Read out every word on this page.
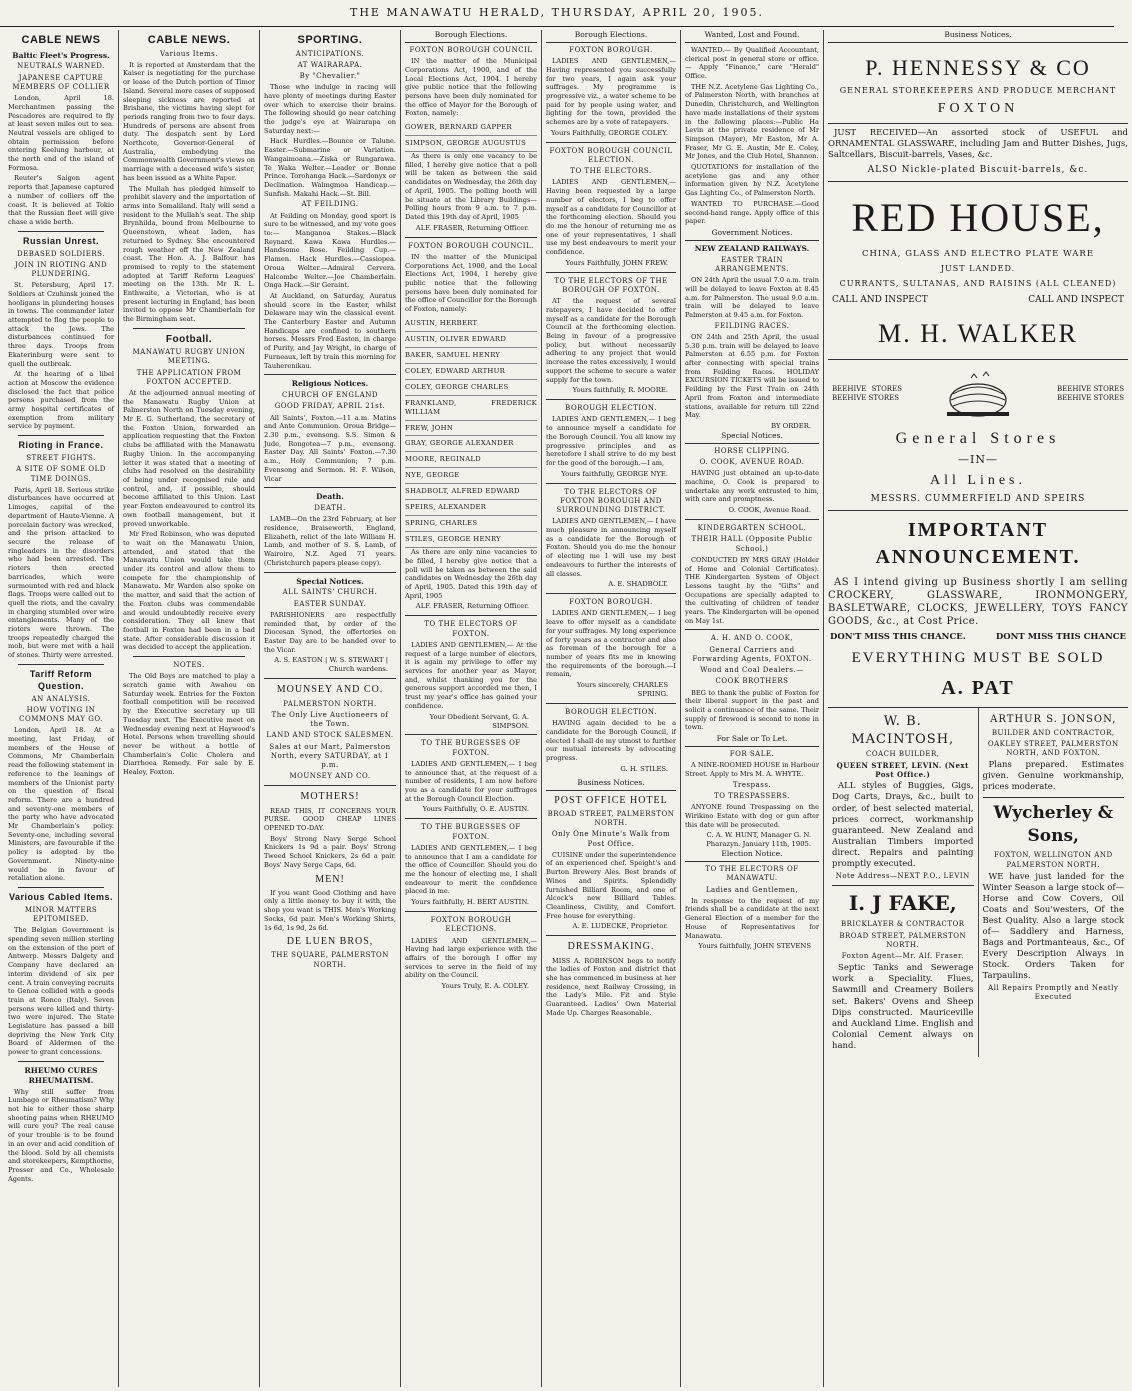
THE MANAWATU HERALD, THURSDAY, APRIL 20, 1905.
CABLE NEWS
Baltic Fleet's Progress.
NEUTRALS WARNED.
JAPANESE CAPTURE MEMBERS OF COLLIER

London, April 18. Merchantmen passing the Pescadores are required to fly at least seven miles out to sea. Neutral vessels are obliged to obtain permission before entering Keelung harbour, at the north end of the island of Formosa.

Reuter's Saigon agent reports that Japanese captured a number of colliers off the coast. It is believed at Tokio that the Russian fleet will give chase a wide berth.

Russian Unrest.
DEBASED SOLDIERS.
JOIN IN RIOTING AND PLUNDERING.

St. Petersburg, April 17. Soldiers at Czuhinsk joined the hooligans in plundering houses in towns. The commander later attempted to flog the people to attack the Jews. The disturbances continued for three days. Troops from Ekaterinburg were sent to quell the outbreak.

At the hearing of a libel action at Moscow the evidence disclosed the fact that police persons purchased from the army hospital certificates of exemption from military service by payment.

Rioting in France.
STREET FIGHTS.
A SITE OF SOME OLD TIME DOINGS.

Paris, April 18. Serious strike disturbances have occurred at Limoges, capital of the department of Haute-Vienne. A porcelain factory was wrecked, and the prison attacked to secure the release of ringleaders in the disorders who had been arrested. The rioters then erected barricades, which were surmounted with red and black flags. Troops were called out to quell the riots, and the cavalry in charging stumbled over wire entanglements. Many of the rioters were thrown. The troops repeatedly charged the mob, but were met with a hail of stones. Thirty were arrested.

Tariff Reform Question.
AN ANALYSIS.
HOW VOTING IN COMMONS MAY GO.

London, April 18. At a meeting, last Friday, of members of the House of Commons, Mr Chamberlain read the following statement in reference to the leanings of members of the Unionist party on the question of fiscal reform. There are a hundred and seventy-one members of the party who have advocated Mr Chamberlain's policy. Seventy-one, including several Ministers, are favourable if the policy is adopted by the Government. Ninety-nine would be in favour of retaliation alone.

Various Cabled Items.
MINOR MATTERS EPITOMISED.

The Belgian Government is spending seven million sterling on the extension of the port of Antwerp. Messrs Dalgety and Company have declared an interim dividend of six per cent. A train conveying recruits to Genoa collided with a goods train at Ronco (Italy). Seven persons were killed and thirty-two were injured. The State Legislature has passed a bill depriving the New York City Board of Aldermen of the power to grant concessions.

RHEUMO CURES RHEUMATISM.

Why still suffer from Lumbago or Rheumatism? Why not hie to either those sharp shooting pains when RHEUMO will cure you? The real cause of your trouble is to be found in an over and acid condition of the blood. Sold by all chemists and storekeepers, Kempthorne, Prosser and Co., Wholesale Agents.

CABLE NEWS.
Various Items.

It is reported at Amsterdam that the Kaiser is negotiating for the purchase or lease of the Dutch portion of Timor Island. Several more cases of supposed sleeping sickness are reported at Brisbane, the victims having slept for periods ranging from two to four days. Hundreds of persons are absent from duty. The despatch sent by Lord Northcote, Governor-General of Australia, embodying the Commonwealth Government's views on marriage with a deceased wife's sister, has been issued as a White Paper.

The Mullah has pledged himself to prohibit slavery and the importation of arms into Somaliland. Italy will send a resident to the Mullah's seat. The ship Brynhilda, bound from Melbourne to Queenstown, wheat laden, has returned to Sydney. She encountered rough weather off the New Zealand coast. The Hon. A. J. Balfour has promised to reply to the statement adopted at Tariff Reform Leagues' meeting on the 13th. Mr R. L. Enthwaite, a Victorian, who is at present lecturing in England, has been invited to oppose Mr Chamberlain for the Birmingham seat.

Football.
MANAWATU RUGBY UNION MEETING.
THE APPLICATION FROM FOXTON ACCEPTED.

At the adjourned annual meeting of the Manawatu Rugby Union at Palmerston North on Tuesday evening, Mr E. G. Sutherland, the secretary of the Foxton Union, forwarded an application requesting that the Foxton clubs be affiliated with the Manawatu Rugby Union. In the accompanying letter it was stated that a meeting of clubs had resolved on the desirability of being under recognised rule and control, and, if possible, should become affiliated to this Union. Last year Foxton endeavoured to control its own football management, but it proved unworkable.

Mr Fred Robinson, who was deputed to wait on the Manawatu Union, attended, and stated that the Manawatu Union would take them under its control and allow them to compete for the championship of Manawatu. Mr Warden also spoke on the matter, and said that the action of the Foxton clubs was commendable and would undoubtedly receive every consideration. They all knew that football in Foxton had been in a bad state. After considerable discussion it was decided to accept the application.

NOTES.

The Old Boys are matched to play a scratch game with Awahou on Saturday week. Entries for the Foxton football competition will be received by the Executive secretary up till Tuesday next. The Executive meet on Wednesday evening next at Haywood's Hotel. Persons when travelling should never be without a bottle of Chamberlain's Colic Cholera and Diarrhoea Remedy. For sale by E. Healey, Foxton.

SPORTING.
ANTICIPATIONS.
AT WAIRARAPA.
By "Chevalier."

Those who indulge in racing will have plenty of meetings during Easter over which to exercise their brains. The following should go near catching the judge's eye at Wairarapa on Saturday next:—

Hack Hurdles.—Bounce or Talune. Easter.—Submarine or Variation. Wangaimoana.—Ziska or Rungarawa. Te Waka Welter.—Leader or Bonne Prince. Torohanga Hack.—Sardonyx or Declination. Walmgmoa Handicap.—Sunfish. Makahi Hack.—St. Bill.

AT FEILDING.

At Feilding on Monday, good sport is sure to be witnessed, and my vote goes to:— Manganoa Stakes.—Black Reynard. Kawa Kawa Hurdles.—Handsome Rose. Feilding Cup.—Flamen. Hack Hurdles.—Cassiopea. Oroua Welter.—Admiral Cervera. Halcombe Welter.—Joe Chamberlain. Onga Hack.—Sir Geraint.

At Auckland, on Saturday, Auratus should score in the Easter, whilst Delaware may win the classical event. The Canterbury Easter and Autumn Handicaps are confined to southern horses. Messrs Fred Easton, in charge of Purity, and Jay Wright, in charge of Furneaux, left by train this morning for Tauherenikau.

Religious Notices.
CHURCH OF ENGLAND
GOOD FRIDAY, APRIL 21st.

All Saints', Foxton.—11 a.m. Matins and Ante Communion. Oroua Bridge—2.30 p.m., evensong. S.S. Simon & Jude, Rongotea—7 p.m., evensong. Easter Day. All Saints' Foxton.—7.30 a.m., Holy Communion; 7 p.m. Evensong and Sermon. H. F. Wilson, Vicar

Death.
DEATH.

LAMB—On the 23rd February, at her residence, Braiseworth, England, Elizabeth, relict of the late William H. Lamb, and mother of S. S. Lamb, of Wairoiro, N.Z. Aged 71 years. (Christchurch papers please copy).

Special Notices.
ALL SAINTS' CHURCH.
EASTER SUNDAY.

PARISHIONERS are respectfully reminded that, by order of the Diocesan Synod, the offertories on Easter Day are to be handed over to the Vicar.

A. S. EASTON | W. S. STEWART | Church wardens.
MOUNSEY AND CO.
PALMERSTON NORTH.
The Only Live Auctioneers of the Town.
LAND AND STOCK SALESMEN.
Sales at our Mart, Palmerston North, every SATURDAY, at 1 p.m.
MOUNSEY AND CO.
MOTHERS!

READ THIS, IT CONCERNS YOUR PURSE. GOOD CHEAP LINES OPENED TO-DAY.

Boys' Strong Navy Serge School Knickers 1s 9d a pair. Boys' Strong Tweed School Knickers, 2s 6d a pair. Boys' Navy Serge Caps, 6d.

MEN!

If you want Good Clothing and have only a little money to buy it with, the shop you want is THIS. Men's Working Socks, 6d pair. Men's Working Shirts, 1s 6d, 1s 9d, 2s 6d.

DE LUEN BROS,
THE SQUARE, PALMERSTON NORTH.
Borough Elections.
FOXTON BOROUGH COUNCIL

IN the matter of the Municipal Corporations Act, 1900, and of the Local Elections Act, 1904. I hereby give public notice that the following persons have been duly nominated for the office of Mayor for the Borough of Foxton, namely:

GOWER, BERNARD GAPPER
SIMPSON, GEORGE AUGUSTUS

As there is only one vacancy to be filled, I hereby give notice that a poll will be taken as between the said candidates on Wednesday, the 26th day of April, 1905. The polling booth will be situate at the Library Buildings—Polling hours from 9 a.m. to 7 p.m. Dated this 19th day of April, 1905

ALF. FRASER, Returning Officer.
FOXTON BOROUGH COUNCIL.

IN the matter of the Municipal Corporations Act, 1900, and the Local Elections Act, 1904, I hereby give public notice that the following persons have been duly nominated for the office of Councillor for the Borough of Foxton, namely:

AUSTIN, HERBERT
AUSTIN, OLIVER EDWARD
BAKER, SAMUEL HENRY
COLEY, EDWARD ARTHUR
COLEY, GEORGE CHARLES
FRANKLAND, FREDERICK WILLIAM
FREW, JOHN
GRAY, GEORGE ALEXANDER
MOORE, REGINALD
NYE, GEORGE
SHADBOLT, ALFRED EDWARD
SPEIRS, ALEXANDER
SPRING, CHARLES
STILES, GEORGE HENRY

As there are only nine vacancies to be filled, I hereby give notice that a poll will be taken as between the said candidates on Wednesday the 26th day of April, 1905. Dated this 19th day of April, 1905

ALF. FRASER, Returning Officer.
TO THE ELECTORS OF FOXTON.

LADIES AND GENTLEMEN,— At the request of a large number of electors, it is again my privilege to offer my services for another year as Mayor, and, whilst thanking you for the generous support accorded me then, I trust my year's office has gained your confidence.

Your Obedient Servant, G. A. SIMPSON.
TO THE BURGESSES OF FOXTON.

LADIES AND GENTLEMEN,— I beg to announce that, at the request of a number of residents, I am now before you as a candidate for your suffrages at the Borough Council Election.

Yours Faithfully, O. E. AUSTIN.
TO THE BURGESSES OF FOXTON.

LADIES AND GENTLEMEN,— I beg to announce that I am a candidate for the office of Councillor. Should you do me the honour of electing me, I shall endeavour to merit the confidence placed in me.

Yours faithfully, H. BERT AUSTIN.
FOXTON BOROUGH ELECTIONS.

LADIES AND GENTLEMEN,— Having had large experience with the affairs of the borough I offer my services to serve in the field of my ability on the Council.

Yours Truly, E. A. COLEY.
Borough Elections.
FOXTON BOROUGH.

LADIES AND GENTLEMEN,— Having represented you successfully for two years, I again ask your suffrages. My programme is progressive viz., a water scheme to be paid for by people using water, and lighting for the town, provided the schemes are by a vote of ratepayers.

Yours Faithfully, GEORGE COLEY.
FOXTON BOROUGH COUNCIL ELECTION.
TO THE ELECTORS.

LADIES AND GENTLEMEN,— Having been requested by a large number of electors, I beg to offer myself as a candidate for Councillor at the forthcoming election. Should you do me the honour of returning me as one of your representatives, I shall use my best endeavours to merit your confidence.

Yours Faithfully, JOHN FREW.
TO THE ELECTORS OF THE BOROUGH OF FOXTON.

AT the request of several ratepayers, I have decided to offer myself as a candidate for the Borough Council at the forthcoming election. Being in favour of a progressive policy, but without necessarily adhering to any project that would increase the rates excessively, I would support the scheme to secure a water supply for the town.

Yours faithfully, R. MOORE.
BOROUGH ELECTION.

LADIES AND GENTLEMEN,— I beg to announce myself a candidate for the Borough Council. You all know my progressive principles and as heretofore I shall strive to do my best for the good of the borough.—I am,

Yours faithfully, GEORGE NYE.
TO THE ELECTORS OF FOXTON BOROUGH AND SURROUNDING DISTRICT.

LADIES AND GENTLEMEN,— I have much pleasure in announcing myself as a candidate for the Borough of Foxton. Should you do me the honour of electing me I will use my best endeavours to further the interests of all classes.

A. E. SHADBOLT.
FOXTON BOROUGH.

LADIES AND GENTLEMEN,— I beg leave to offer myself as a candidate for your suffrages. My long experience of forty years as a contractor and also as foreman of the borough for a number of years fits me in knowing the requirements of the borough.—I remain,

Yours sincerely, CHARLES SPRING.
BOROUGH ELECTION.

HAVING again decided to be a candidate for the Borough Council, if elected I shall do my utmost to further our mutual interests by advocating progress.

G. H. STILES.
Business Notices.
POST OFFICE HOTEL
BROAD STREET, PALMERSTON NORTH.
Only One Minute's Walk from Post Office.

CUISINE under the superintendence of an experienced chef. Speight's and Burton Brewery Ales. Best brands of Wines and Spirits. Splendidly furnished Billiard Room, and one of Alcock's new Billiard Tables. Cleanliness, Civility, and Comfort. Free house for everything.

A. E. LUDECKE, Proprietor.
DRESSMAKING.

MISS A. ROBINSON begs to notify the ladies of Foxton and district that she has commenced in business at her residence, next Railway Crossing, in the Lady's Mile. Fit and Style Guaranteed. Ladies' Own Material Made Up. Charges Reasonable.

Wanted, Lost and Found.

WANTED.— By Qualified Accountant, clerical post in general store or office.— Apply "Finance," care "Herald" Office.

THE N.Z. Acetylene Gas Lighting Co., of Palmerston North, with branches at Dunedin, Christchurch, and Wellington have made installations of their system in the following places:—Public Ha Levin at the private residence of Mr Simpson (Mayor), Mr Easton, Mr A. Fraser, Mr G. E. Austin, Mr E. Coley, Mr Jones, and the Club Hotel, Shannon.

QUOTATIONS for installation of the acetylene gas and any other information given by N.Z. Acetylene Gas Lighting Co., of Palmerston North.

WANTED TO PURCHASE.—Good second-hand range. Apply office of this paper.

Government Notices.
NEW ZEALAND RAILWAYS.
EASTER TRAIN ARRANGEMENTS.

ON 24th April the usual 7.0 a.m. train will be delayed to leave Foxton at 8.45 a.m. for Palmerston. The usual 9.0 a.m. train will be delayed to leave Palmerston at 9.45 a.m. for Foxton.

FEILDING RACES.

ON 24th and 25th April, the usual 5.30 p.m. train will be delayed to leave Palmerston at 6.55 p.m. for Foxton after connecting with special trains from Feilding Races. HOLIDAY EXCURSION TICKETS will be issued to Feilding by the First Train on 24th April from Foxton and intermediate stations, available for return till 22nd May.

BY ORDER.
Special Notices.
HORSE CLIPPING.
O. COOK, AVENUE ROAD.

HAVING just obtained an up-to-date machine, O. Cook is prepared to undertake any work entrusted to him, with care and promptness.

O. COOK, Avenue Road.
KINDERGARTEN SCHOOL.
THEIR HALL (Opposite Public School.)

CONDUCTED BY MRS GRAY (Holder of Home and Colonial Certificates). THE Kindergarten System of Object Lessons taught by the "Gifts" and Occupations are specially adapted to the cultivating of children of tender years. The Kindergarten will be opened on May 1st.

A. H. AND O. COOK,
General Carriers and Forwarding Agents, FOXTON.
Wood and Coal Dealers.—
COOK BROTHERS

BEG to thank the public of Foxton for their liberal support in the past and solicit a continuance of the same. Their supply of firewood is second to none in town.

For Sale or To Let.
FOR SALE.

A NINE-ROOMED HOUSE in Harbour Street. Apply to Mrs M. A. WHYTE.

Trespass.
TO TRESPASSERS.

ANYONE found Trespassing on the Wirikino Estate with dog or gun after this date will be prosecuted.

C. A. W. HUNT, Manager G. N. Pharazyn. January 11th, 1905.
Election Notice.
TO THE ELECTORS OF MANAWATU.
Ladies and Gentlemen,

In response to the request of my friends shall be a candidate at the next General Election of a member for the House of Representatives for Manawatu.

Yours faithfully, JOHN STEVENS
Business Notices.
P. HENNESSY & CO
GENERAL STOREKEEPERS AND PRODUCE MERCHANT
FOXTON

JUST RECEIVED—An assorted stock of USEFUL and ORNAMENTAL GLASSWARE, including Jam and Butter Dishes, Jugs, Saltcellars, Biscuit-barrels, Vases, &c.

ALSO Nickle-plated Biscuit-barrels, &c.
RED HOUSE,
CHINA, GLASS AND ELECTRO PLATE WARE
JUST LANDED.
CURRANTS, SULTANAS, AND RAISINS (ALL CLEANED)
CALL AND INSPECT	CALL AND INSPECT
M. H. WALKER
BEEHIVE STORES BEEHIVE STORES
BEEHIVE STORES BEEHIVE STORES
General Stores
—IN—
All Lines.
MESSRS. CUMMERFIELD AND SPEIRS
IMPORTANT ANNOUNCEMENT.

AS I intend giving up Business shortly I am selling CROCKERY, GLASSWARE, IRONMONGERY, BASLETWARE, CLOCKS, JEWELLERY, TOYS FANCY GOODS, &c., at Cost Price.

DON'T MISS THIS CHANCE.	DONT MISS THIS CHANCE
EVERYTHING MUST BE SOLD
A. PAT
W. B. MACINTOSH,
COACH BUILDER,
QUEEN STREET, LEVIN. (Next Post Office.)

ALL styles of Buggies, Gigs, Dog Carts, Drays, &c., built to order, of best selected material, prices correct, workmanship guaranteed. New Zealand and Australian Timbers imported direct. Repairs and painting promptly executed.

Note Address—NEXT P.O., LEVIN
I. J FAKE,
BRICKLAYER & CONTRACTOR
BROAD STREET, PALMERSTON NORTH.
Foxton Agent—Mr. Alf. Fraser.

Septic Tanks and Sewerage work a Speciality. Flues, Sawmill and Creamery Boilers set. Bakers' Ovens and Sheep Dips constructed. Mauriceville and Auckland Lime. English and Colonial Cement always on hand.

ARTHUR S. JONSON,
BUILDER AND CONTRACTOR,
OAKLEY STREET, PALMERSTON NORTH, AND FOXTON.

Plans prepared. Estimates given. Genuine workmanship, prices moderate.

Wycherley & Sons,
FOXTON, WELLINGTON AND PALMERSTON NORTH.

WE have just landed for the Winter Season a large stock of— Horse and Cow Covers, Oil Coats and Sou'westers, Of the Best Quality. Also a large stock of— Saddlery and Harness, Bags and Portmanteaus, &c., Of Every Description Always in Stock. Orders Taken for Tarpaulins.

All Repairs Promptly and Neatly Executed
